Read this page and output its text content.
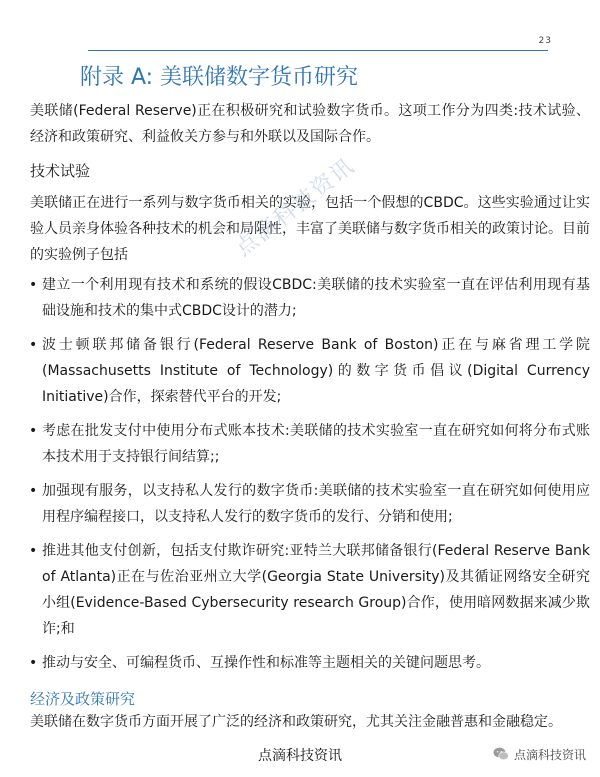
23
附录 A: 美联储数字货币研究

美联储(Federal Reserve)正在积极研究和试验数字货币。这项工作分为四类:技术试验、经济和政策研究、利益攸关方参与和外联以及国际合作。

技术试验

美联储正在进行一系列与数字货币相关的实验，包括一个假想的CBDC。这些实验通过让实验人员亲身体验各种技术的机会和局限性，丰富了美联储与数字货币相关的政策讨论。目前的实验例子包括

• 建立一个利用现有技术和系统的假设CBDC:美联储的技术实验室一直在评估利用现有基础设施和技术的集中式CBDC设计的潜力;
• 波士顿联邦储备银行(Federal Reserve Bank of Boston)正在与麻省理工学院(Massachusetts Institute of Technology)的数字货币倡议(Digital Currency Initiative)合作，探索替代平台的开发;
• 考虑在批发支付中使用分布式账本技术:美联储的技术实验室一直在研究如何将分布式账本技术用于支持银行间结算;;
• 加强现有服务，以支持私人发行的数字货币:美联储的技术实验室一直在研究如何使用应用程序编程接口，以支持私人发行的数字货币的发行、分销和使用;
• 推进其他支付创新，包括支付欺诈研究:亚特兰大联邦储备银行(Federal Reserve Bank of Atlanta)正在与佐治亚州立大学(Georgia State University)及其循证网络安全研究小组(Evidence-Based Cybersecurity research Group)合作，使用暗网数据来减少欺诈;和
• 推动与安全、可编程货币、互操作性和标准等主题相关的关键问题思考。
经济及政策研究

美联储在数字货币方面开展了广泛的经济和政策研究，尤其关注金融普惠和金融稳定。

点滴科技资讯
点滴科技资讯	点滴科技资讯
